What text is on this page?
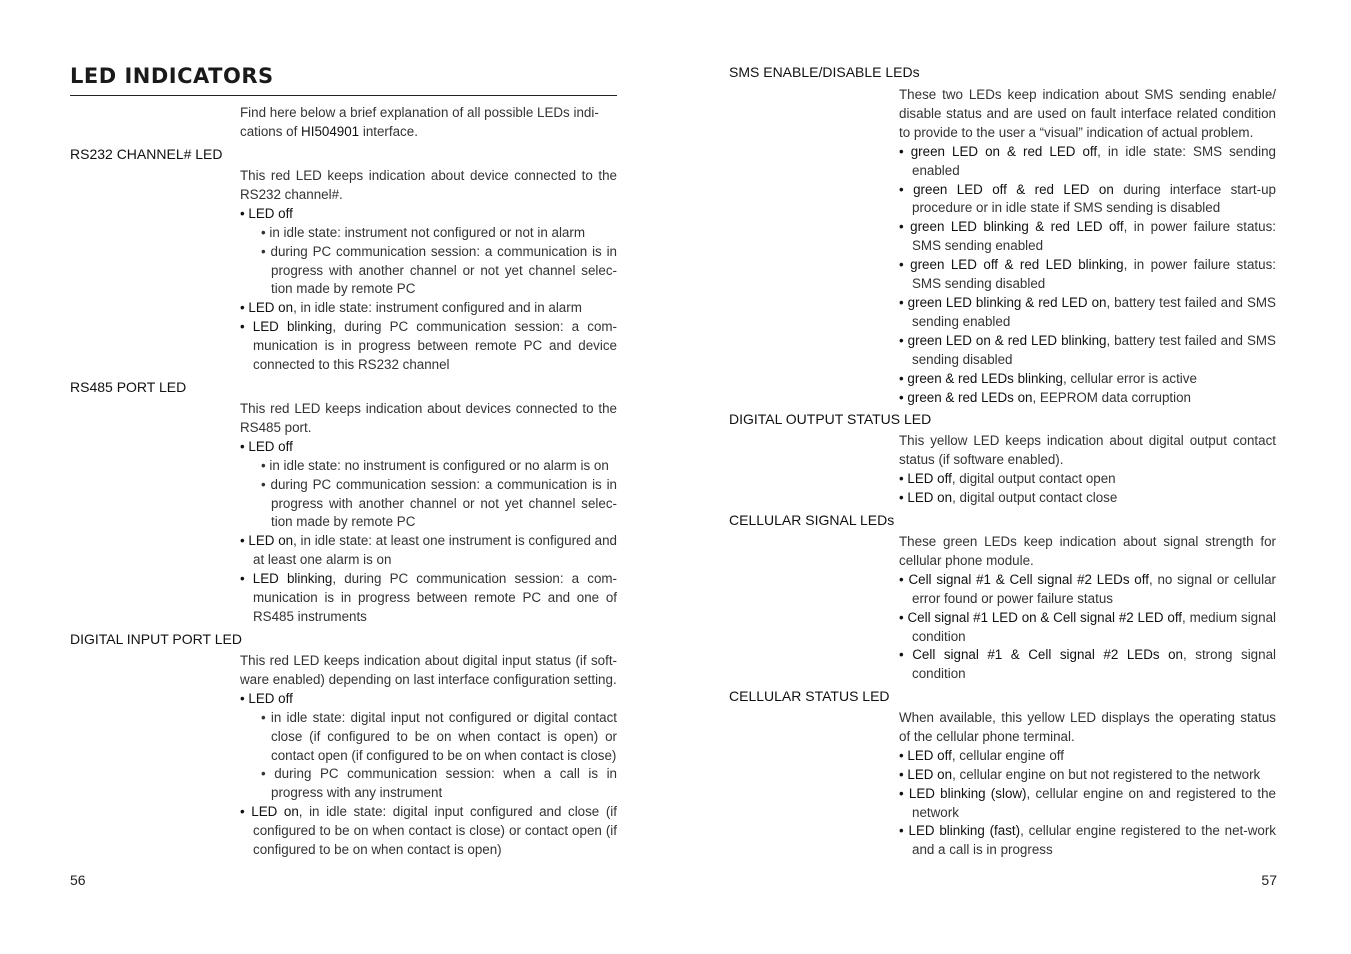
LED INDICATORS

Find here below a brief explanation of all possible LEDs indi-
cations of HI504901 interface.

RS232 CHANNEL# LED

This red LED keeps indication about device connected to the RS232 channel#.

• LED off

• in idle state: instrument not configured or not in alarm

• during PC communication session: a communication is in progress with another channel or not yet channel selec-tion made by remote PC

• LED on, in idle state: instrument configured and in alarm

• LED blinking, during PC communication session: a com-munication is in progress between remote PC and device connected to this RS232 channel

RS485 PORT LED

This red LED keeps indication about devices connected to the RS485 port.

• LED off

• in idle state: no instrument is configured or no alarm is on

• during PC communication session: a communication is in progress with another channel or not yet channel selec-tion made by remote PC

• LED on, in idle state: at least one instrument is configured and at least one alarm is on

• LED blinking, during PC communication session: a com-munication is in progress between remote PC and one of RS485 instruments

DIGITAL INPUT PORT LED

This red LED keeps indication about digital input status (if soft-ware enabled) depending on last interface configuration setting.

• LED off

• in idle state: digital input not configured or digital contact close (if configured to be on when contact is open) or contact open (if configured to be on when contact is close)

• during PC communication session: when a call is in progress with any instrument

• LED on, in idle state: digital input configured and close (if configured to be on when contact is close) or contact open (if configured to be on when contact is open)

56
SMS ENABLE/DISABLE LEDs

These two LEDs keep indication about SMS sending enable/ disable status and are used on fault interface related condition to provide to the user a “visual” indication of actual problem.

• green LED on & red LED off, in idle state: SMS sending enabled

• green LED off & red LED on during interface start-up procedure or in idle state if SMS sending is disabled

• green LED blinking & red LED off, in power failure status: SMS sending enabled

• green LED off & red LED blinking, in power failure status: SMS sending disabled

• green LED blinking & red LED on, battery test failed and SMS sending enabled

• green LED on & red LED blinking, battery test failed and SMS sending disabled

• green & red LEDs blinking, cellular error is active

• green & red LEDs on, EEPROM data corruption

DIGITAL OUTPUT STATUS LED

This yellow LED keeps indication about digital output contact status (if software enabled).

• LED off, digital output contact open

• LED on, digital output contact close

CELLULAR SIGNAL LEDs

These green LEDs keep indication about signal strength for cellular phone module.

• Cell signal #1 & Cell signal #2 LEDs off, no signal or cellular error found or power failure status

• Cell signal #1 LED on & Cell signal #2 LED off, medium signal condition

• Cell signal #1 & Cell signal #2 LEDs on, strong signal condition

CELLULAR STATUS LED

When available, this yellow LED displays the operating status of the cellular phone terminal.

• LED off, cellular engine off

• LED on, cellular engine on but not registered to the network

• LED blinking (slow), cellular engine on and registered to the network

• LED blinking (fast), cellular engine registered to the net-work and a call is in progress

57
